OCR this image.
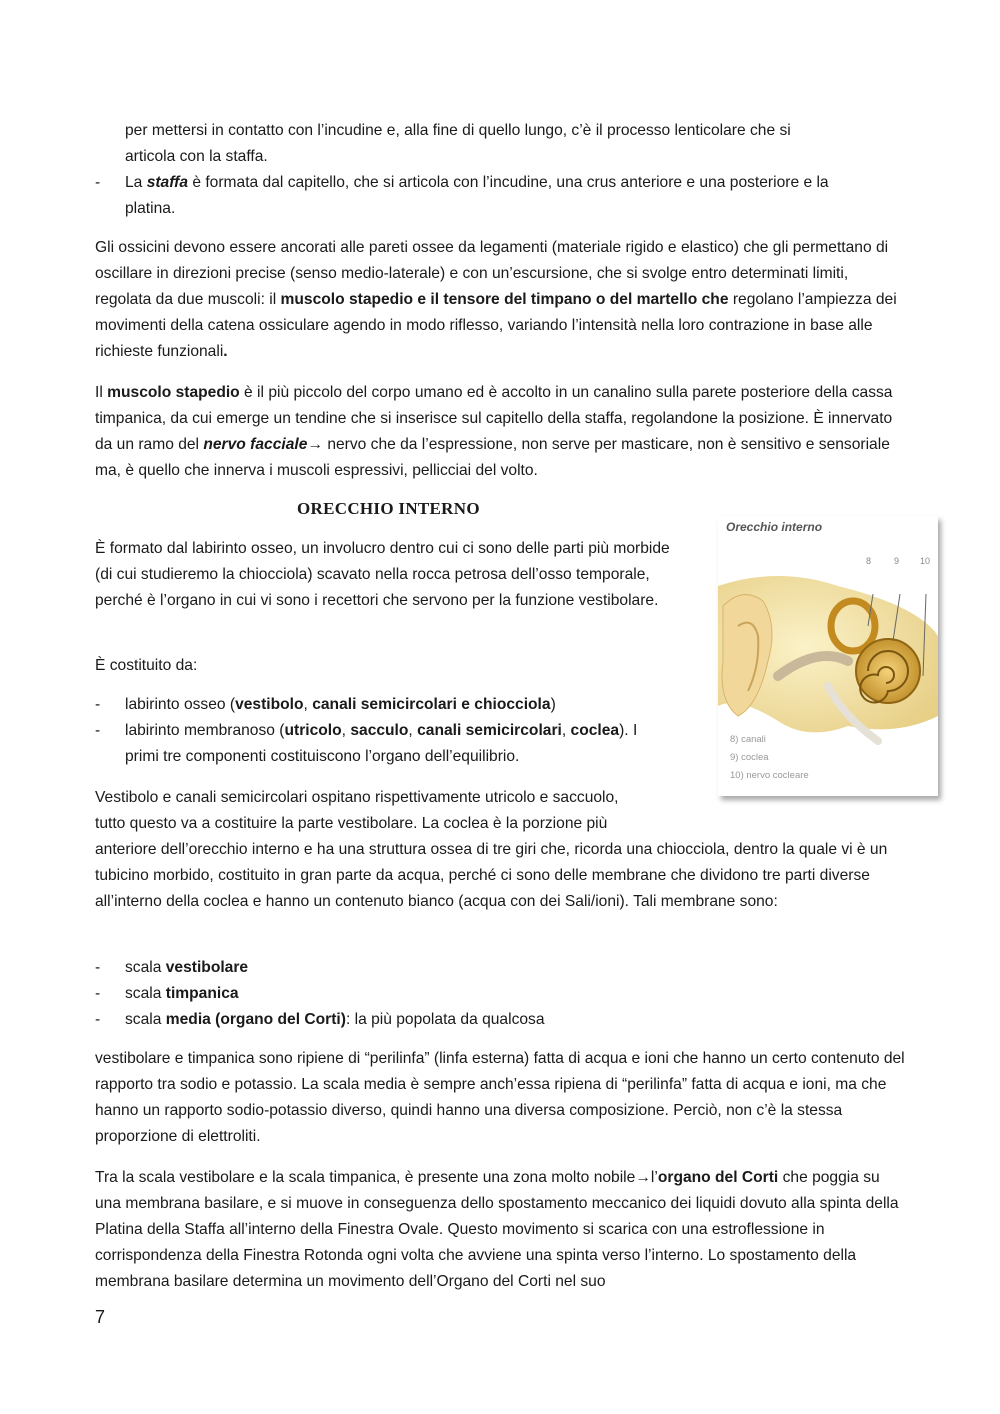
per mettersi in contatto con l’incudine e, alla fine di quello lungo, c’è il processo lenticolare che si
articola con la staffa.
- La staffa è formata dal capitello, che si articola con l’incudine, una crus anteriore e una posteriore e la
platina.

Gli ossicini devono essere ancorati alle pareti ossee da legamenti (materiale rigido e elastico) che gli permettano di oscillare in direzioni precise (senso medio-laterale) e con un’escursione, che si svolge entro determinati limiti, regolata da due muscoli: il muscolo stapedio e il tensore del timpano o del martello che regolano l’ampiezza dei movimenti della catena ossiculare agendo in modo riflesso, variando l’intensità nella loro contrazione in base alle richieste funzionali.

Il muscolo stapedio è il più piccolo del corpo umano ed è accolto in un canalino sulla parete posteriore della cassa timpanica, da cui emerge un tendine che si inserisce sul capitello della staffa, regolandone la posizione. È innervato da un ramo del nervo facciale→ nervo che da l’espressione, non serve per masticare, non è sensitivo e sensoriale ma, è quello che innerva i muscoli espressivi, pellicciai del volto.

ORECCHIO INTERNO

È formato dal labirinto osseo, un involucro dentro cui ci sono delle parti più morbide (di cui studieremo la chiocciola) scavato nella rocca petrosa dell’osso temporale, perché è l’organo in cui vi sono i recettori che servono per la funzione vestibolare.

È costituito da:

- labirinto osseo (vestibolo, canali semicircolari e chiocciola)
- labirinto membranoso (utricolo, sacculo, canali semicircolari, coclea). I
primi tre componenti costituiscono l’organo dell’equilibrio.

Vestibolo e canali semicircolari ospitano rispettivamente utricolo e saccuolo,

tutto questo va a costituire la parte vestibolare. La coclea è la porzione più

anteriore dell’orecchio interno e ha una struttura ossea di tre giri che, ricorda una chiocciola, dentro la quale vi è un tubicino morbido, costituito in gran parte da acqua, perché ci sono delle membrane che dividono tre parti diverse all’interno della coclea e hanno un contenuto bianco (acqua con dei Sali/ioni). Tali membrane sono:

- scala vestibolare
- scala timpanica
- scala media (organo del Corti): la più popolata da qualcosa

vestibolare e timpanica sono ripiene di “perilinfa” (linfa esterna) fatta di acqua e ioni che hanno un certo contenuto del rapporto tra sodio e potassio. La scala media è sempre anch’essa ripiena di “perilinfa” fatta di acqua e ioni, ma che hanno un rapporto sodio-potassio diverso, quindi hanno una diversa composizione. Perciò, non c’è la stessa proporzione di elettroliti.

Tra la scala vestibolare e la scala timpanica, è presente una zona molto nobile→l’organo del Corti che poggia su una membrana basilare, e si muove in conseguenza dello spostamento meccanico dei liquidi dovuto alla spinta della Platina della Staffa all’interno della Finestra Ovale. Questo movimento si scarica con una estroflessione in corrispondenza della Finestra Rotonda ogni volta che avviene una spinta verso l’interno. Lo spostamento della membrana basilare determina un movimento dell’Organo del Corti nel suo

Orecchio interno
8	9 10
8) canali
9) coclea
10) nervo cocleare
7
